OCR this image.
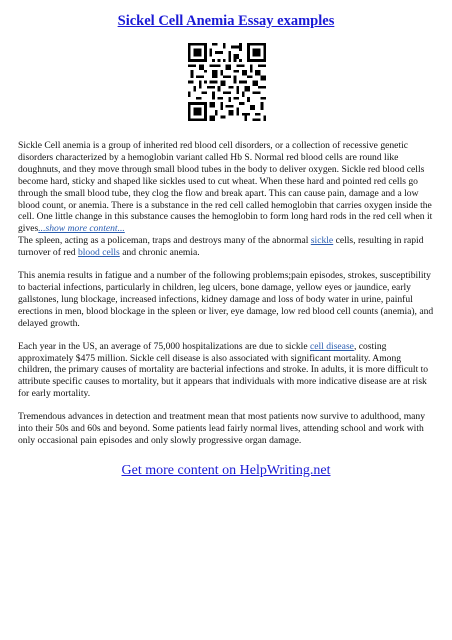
Sickel Cell Anemia Essay examples

Sickle Cell anemia is a group of inherited red blood cell disorders, or a collection of recessive genetic disorders characterized by a hemoglobin variant called Hb S. Normal red blood cells are round like doughnuts, and they move through small blood tubes in the body to deliver oxygen. Sickle red blood cells become hard, sticky and shaped like sickles used to cut wheat. When these hard and pointed red cells go through the small blood tube, they clog the flow and break apart. This can cause pain, damage and a low blood count, or anemia. There is a substance in the red cell called hemoglobin that carries oxygen inside the cell. One little change in this substance causes the hemoglobin to form long hard rods in the red cell when it gives...show more content...

The spleen, acting as a policeman, traps and destroys many of the abnormal sickle cells, resulting in rapid turnover of red blood cells and chronic anemia.

This anemia results in fatigue and a number of the following problems;pain episodes, strokes, susceptibility to bacterial infections, particularly in children, leg ulcers, bone damage, yellow eyes or jaundice, early gallstones, lung blockage, increased infections, kidney damage and loss of body water in urine, painful erections in men, blood blockage in the spleen or liver, eye damage, low red blood cell counts (anemia), and delayed growth.

Each year in the US, an average of 75,000 hospitalizations are due to sickle cell disease, costing approximately $475 million. Sickle cell disease is also associated with significant mortality. Among children, the primary causes of mortality are bacterial infections and stroke. In adults, it is more difficult to attribute specific causes to mortality, but it appears that individuals with more indicative disease are at risk for early mortality.

Tremendous advances in detection and treatment mean that most patients now survive to adulthood, many into their 50s and 60s and beyond. Some patients lead fairly normal lives, attending school and work with only occasional pain episodes and only slowly progressive organ damage.

Get more content on HelpWriting.net
